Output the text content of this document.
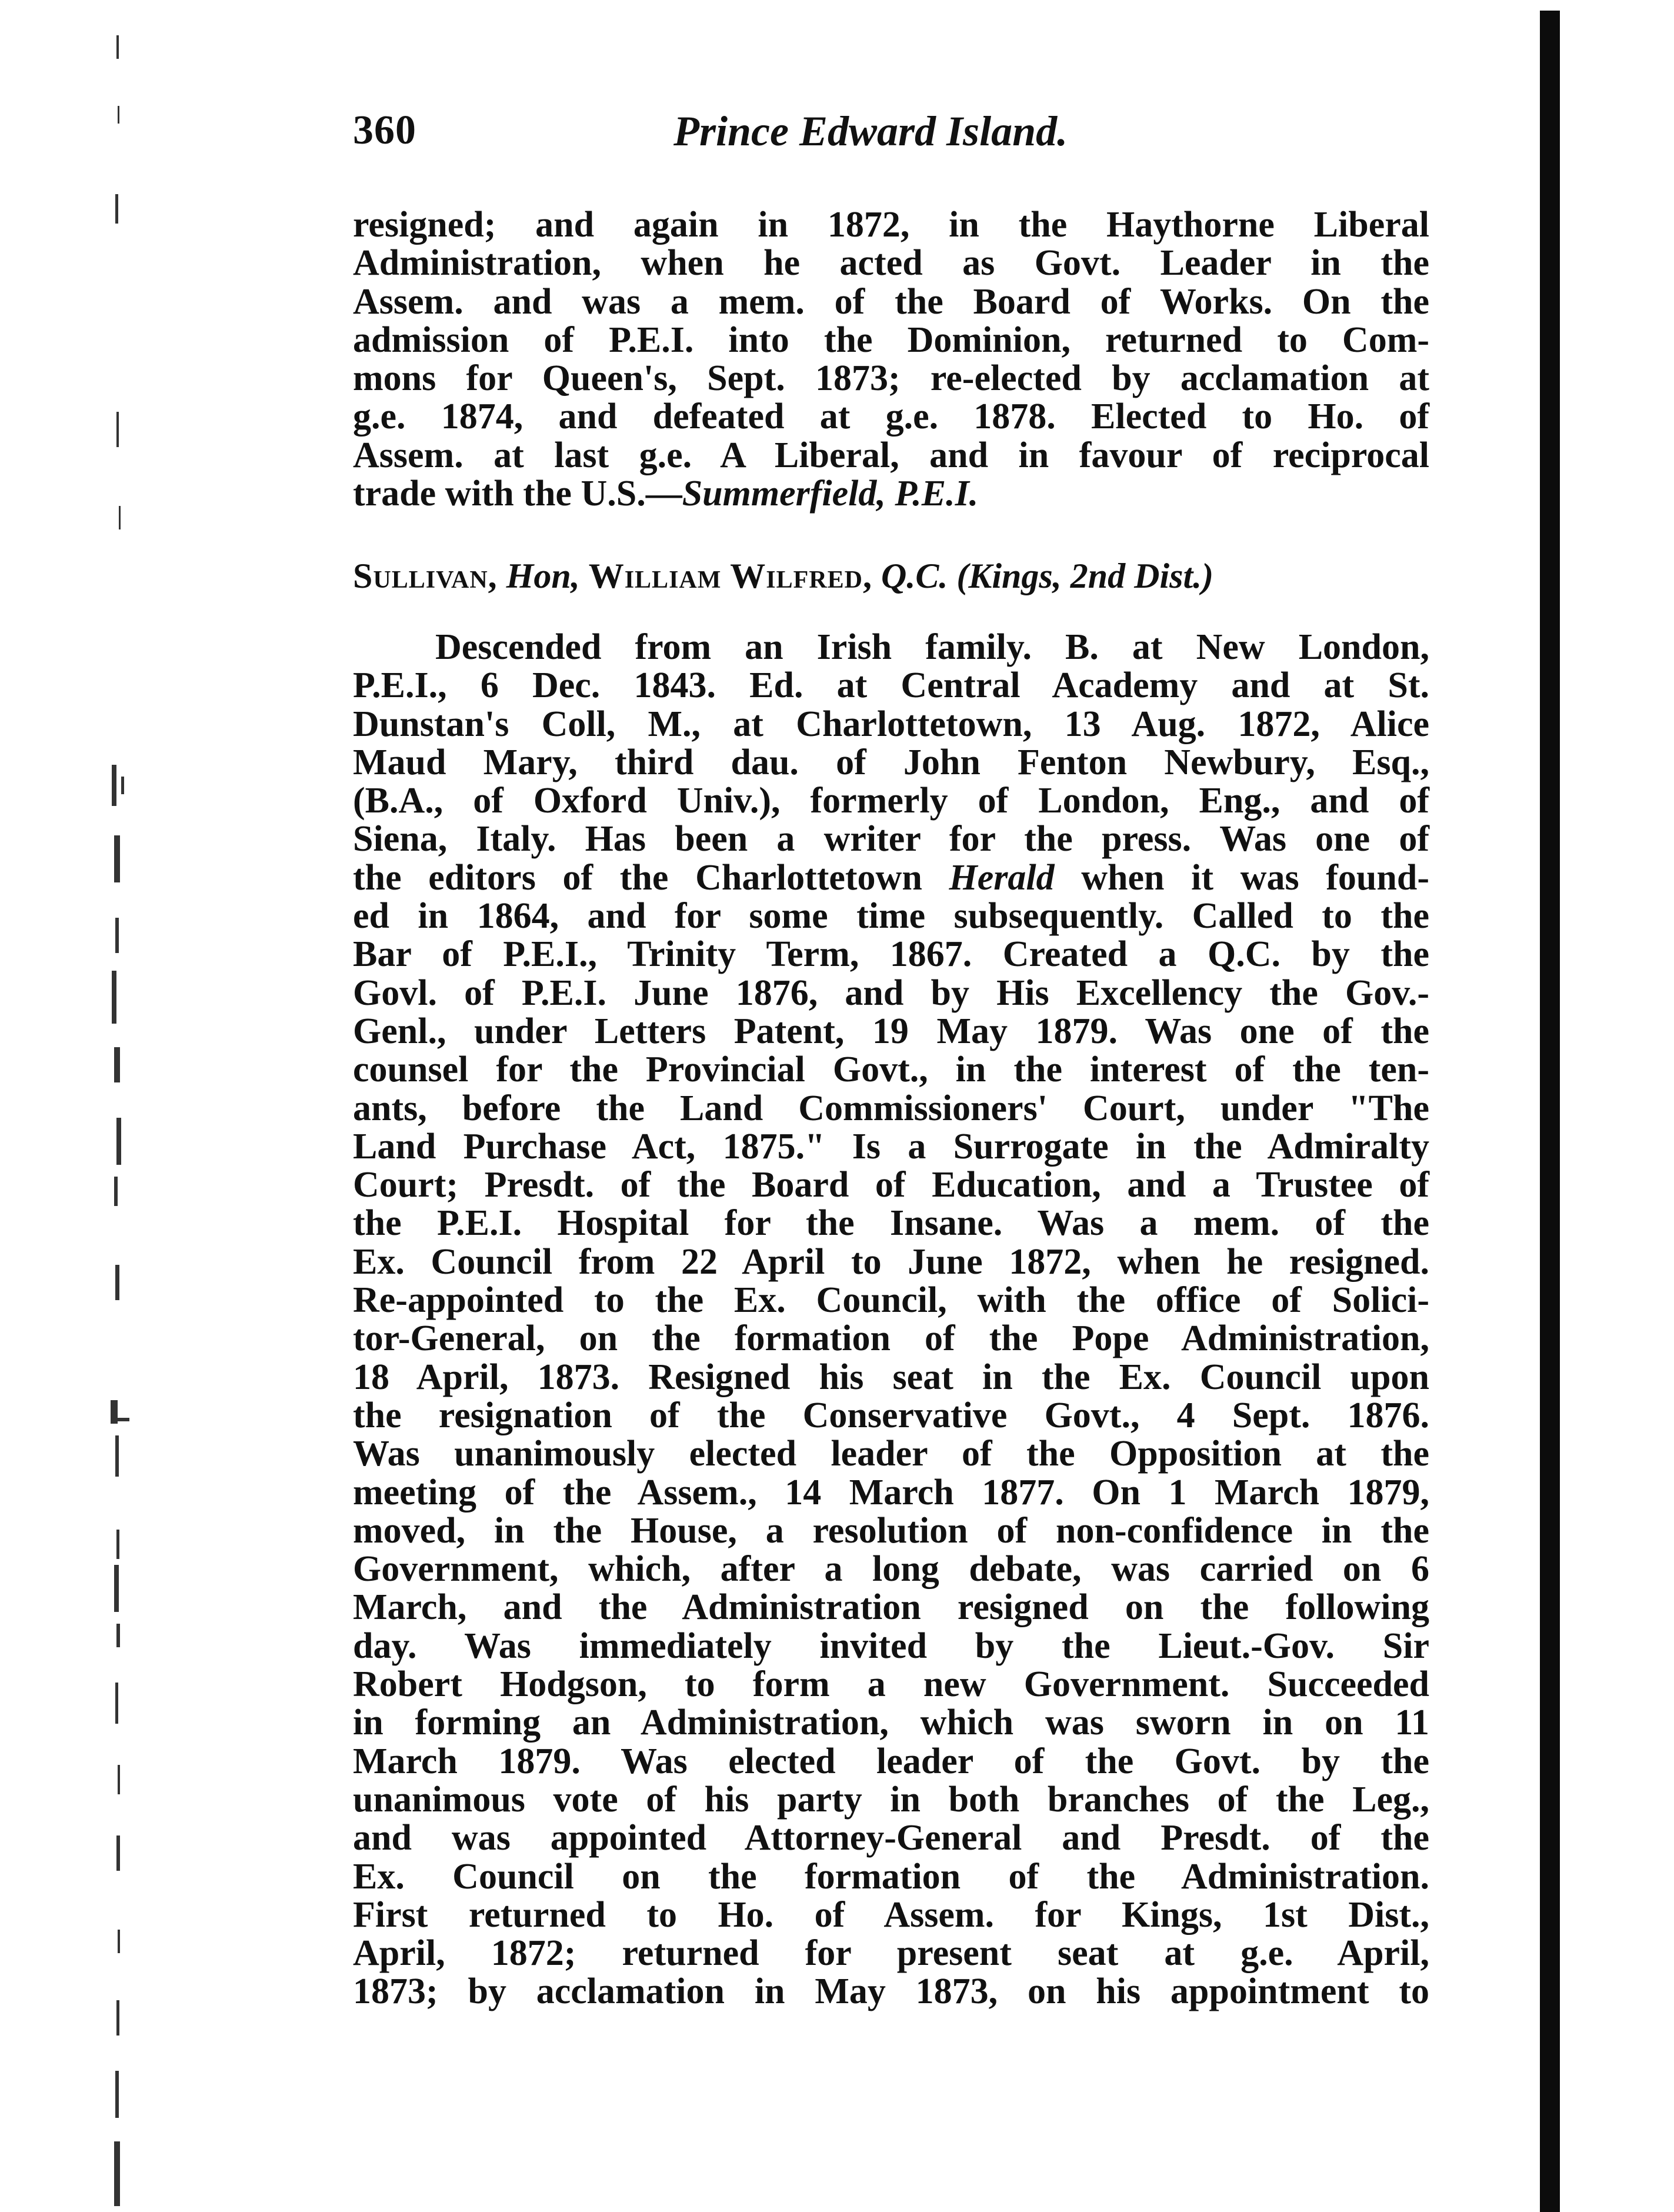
360	Prince Edward Island.
resigned; and again in 1872, in the Haythorne Liberal
Administration, when he acted as Govt. Leader in the
Assem. and was a mem. of the Board of Works. On the
admission of P.E.I. into the Dominion, returned to Com-
mons for Queen's, Sept. 1873; re-elected by acclamation at
g.e. 1874, and defeated at g.e. 1878. Elected to Ho. of
Assem. at last g.e. A Liberal, and in favour of reciprocal
trade with the U.S.—Summerfield, P.E.I.
Sullivan, Hon, William Wilfred, Q.C. (Kings, 2nd Dist.)
Descended from an Irish family. B. at New London,
P.E.I., 6 Dec. 1843. Ed. at Central Academy and at St.
Dunstan's Coll, M., at Charlottetown, 13 Aug. 1872, Alice
Maud Mary, third dau. of John Fenton Newbury, Esq.,
(B.A., of Oxford Univ.), formerly of London, Eng., and of
Siena, Italy. Has been a writer for the press. Was one of
the editors of the Charlottetown Herald when it was found-
ed in 1864, and for some time subsequently. Called to the
Bar of P.E.I., Trinity Term, 1867. Created a Q.C. by the
Govl. of P.E.I. June 1876, and by His Excellency the Gov.-
Genl., under Letters Patent, 19 May 1879. Was one of the
counsel for the Provincial Govt., in the interest of the ten-
ants, before the Land Commissioners' Court, under "The
Land Purchase Act, 1875." Is a Surrogate in the Admiralty
Court; Presdt. of the Board of Education, and a Trustee of
the P.E.I. Hospital for the Insane. Was a mem. of the
Ex. Council from 22 April to June 1872, when he resigned.
Re-appointed to the Ex. Council, with the office of Solici-
tor-General, on the formation of the Pope Administration,
18 April, 1873. Resigned his seat in the Ex. Council upon
the resignation of the Conservative Govt., 4 Sept. 1876.
Was unanimously elected leader of the Opposition at the
meeting of the Assem., 14 March 1877. On 1 March 1879,
moved, in the House, a resolution of non-confidence in the
Government, which, after a long debate, was carried on 6
March, and the Administration resigned on the following
day. Was immediately invited by the Lieut.-Gov. Sir
Robert Hodgson, to form a new Government. Succeeded
in forming an Administration, which was sworn in on 11
March 1879. Was elected leader of the Govt. by the
unanimous vote of his party in both branches of the Leg.,
and was appointed Attorney-General and Presdt. of the
Ex. Council on the formation of the Administration.
First returned to Ho. of Assem. for Kings, 1st Dist.,
April, 1872; returned for present seat at g.e. April,
1873; by acclamation in May 1873, on his appointment to
